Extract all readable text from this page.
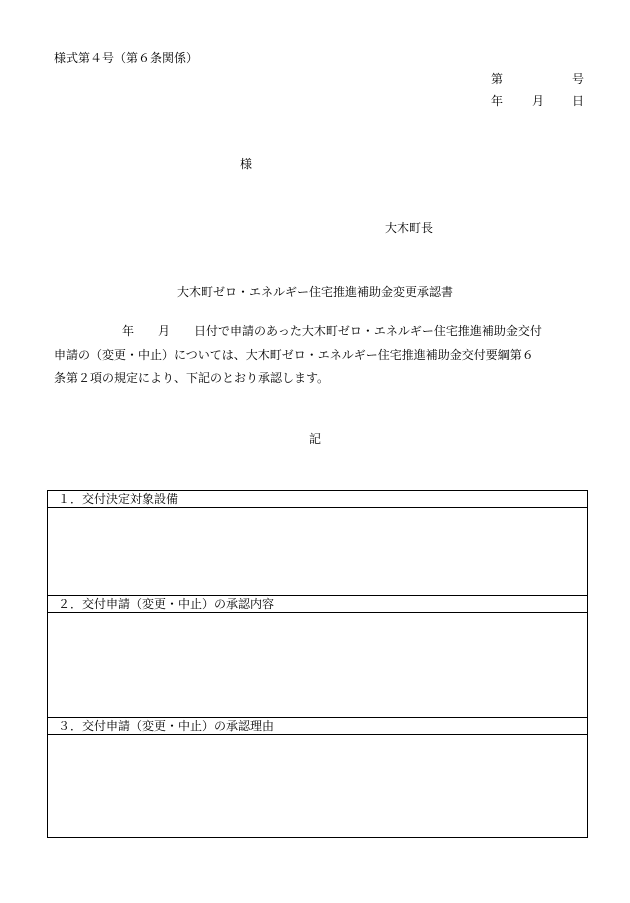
様式第４号（第６条関係）
第	号
年 月 日
様
大木町長
大木町ゼロ・エネルギー住宅推進補助金変更承認書
年 月 日付で申請のあった大木町ゼロ・エネルギー住宅推進補助金交付
申請の（変更・中止）については、大木町ゼロ・エネルギー住宅推進補助金交付要綱第６
条第２項の規定により、下記のとおり承認します。
記
１．交付決定対象設備
２．交付申請（変更・中止）の承認内容
３．交付申請（変更・中止）の承認理由
